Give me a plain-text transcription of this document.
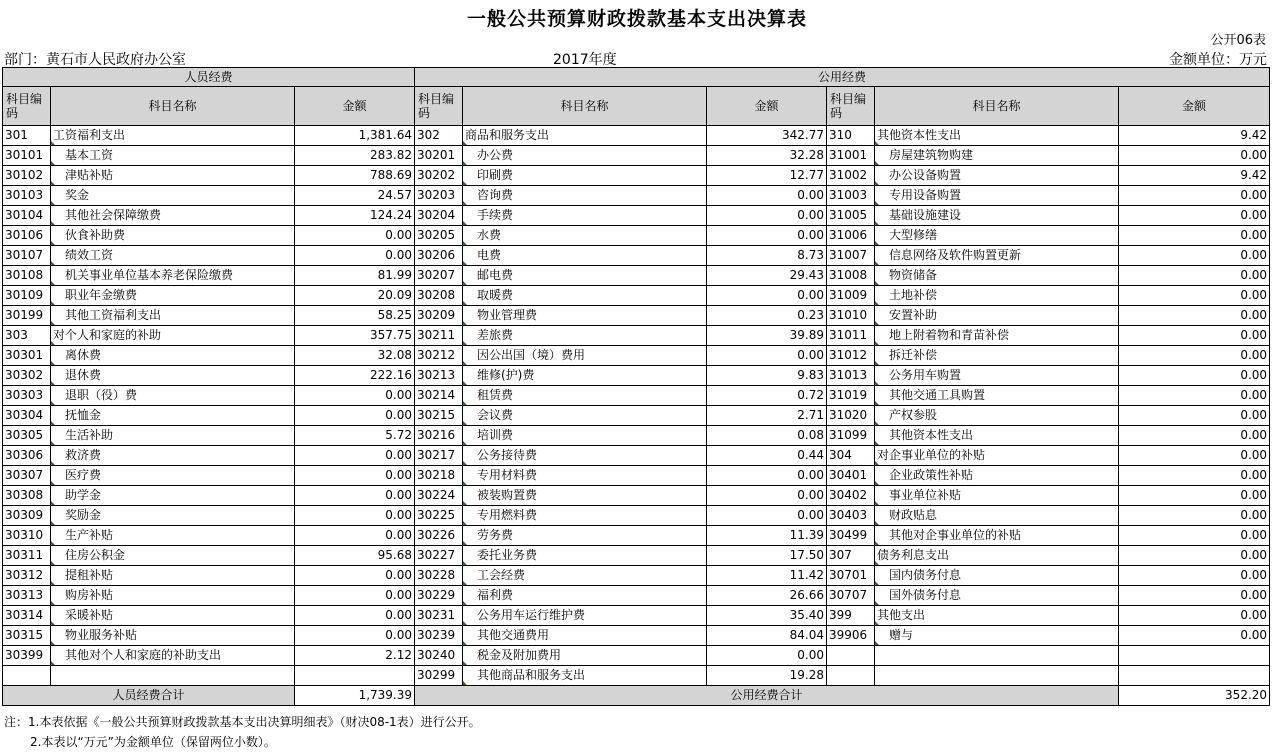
一般公共预算财政拨款基本支出决算表
公开06表
部门：黄石市人民政府办公室	2017年度	金额单位：万元
人员经费			公用经费					
科目编码	科目名称	金额	科目编码	科目名称	金额	科目编码	科目名称	金额
301	工资福利支出	1,381.64	302	商品和服务支出	342.77	310	其他资本性支出	9.42
30101	基本工资	283.82	30201	办公费	32.28	31001	房屋建筑物购建	0.00
30102	津贴补贴	788.69	30202	印刷费	12.77	31002	办公设备购置	9.42
30103	奖金	24.57	30203	咨询费	0.00	31003	专用设备购置	0.00
30104	其他社会保障缴费	124.24	30204	手续费	0.00	31005	基础设施建设	0.00
30106	伙食补助费	0.00	30205	水费	0.00	31006	大型修缮	0.00
30107	绩效工资	0.00	30206	电费	8.73	31007	信息网络及软件购置更新	0.00
30108	机关事业单位基本养老保险缴费	81.99	30207	邮电费	29.43	31008	物资储备	0.00
30109	职业年金缴费	20.09	30208	取暖费	0.00	31009	土地补偿	0.00
30199	其他工资福利支出	58.25	30209	物业管理费	0.23	31010	安置补助	0.00
303	对个人和家庭的补助	357.75	30211	差旅费	39.89	31011	地上附着物和青苗补偿	0.00
30301	离休费	32.08	30212	因公出国（境）费用	0.00	31012	拆迁补偿	0.00
30302	退休费	222.16	30213	维修(护)费	9.83	31013	公务用车购置	0.00
30303	退职（役）费	0.00	30214	租赁费	0.72	31019	其他交通工具购置	0.00
30304	抚恤金	0.00	30215	会议费	2.71	31020	产权参股	0.00
30305	生活补助	5.72	30216	培训费	0.08	31099	其他资本性支出	0.00
30306	救济费	0.00	30217	公务接待费	0.44	304	对企事业单位的补贴	0.00
30307	医疗费	0.00	30218	专用材料费	0.00	30401	企业政策性补贴	0.00
30308	助学金	0.00	30224	被装购置费	0.00	30402	事业单位补贴	0.00
30309	奖励金	0.00	30225	专用燃料费	0.00	30403	财政贴息	0.00
30310	生产补贴	0.00	30226	劳务费	11.39	30499	其他对企事业单位的补贴	0.00
30311	住房公积金	95.68	30227	委托业务费	17.50	307	债务利息支出	0.00
30312	提租补贴	0.00	30228	工会经费	11.42	30701	国内债务付息	0.00
30313	购房补贴	0.00	30229	福利费	26.66	30707	国外债务付息	0.00
30314	采暖补贴	0.00	30231	公务用车运行维护费	35.40	399	其他支出	0.00
30315	物业服务补贴	0.00	30239	其他交通费用	84.04	39906	赠与	0.00
30399	其他对个人和家庭的补助支出	2.12	30240	税金及附加费用	0.00			
			30299	其他商品和服务支出	19.28			
人员经费合计		1,739.39	公用经费合计					352.20
注：1.本表依据《一般公共预算财政拨款基本支出决算明细表》（财决08-1表）进行公开。
2.本表以“万元”为金额单位（保留两位小数）。
